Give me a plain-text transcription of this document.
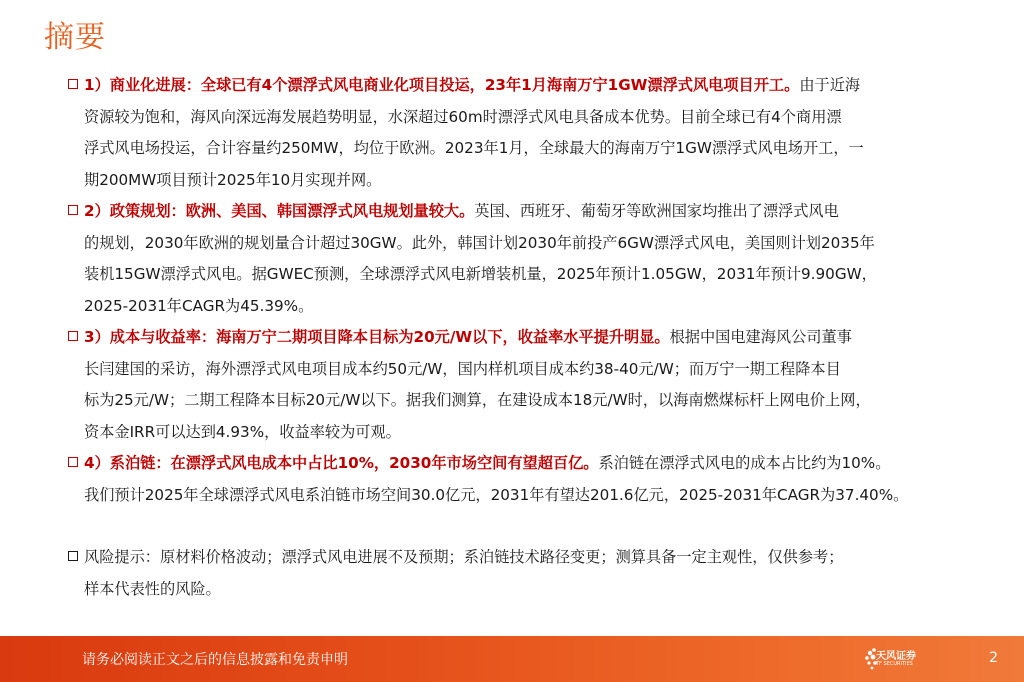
摘要

1）商业化进展：全球已有4个漂浮式风电商业化项目投运，23年1月海南万宁1GW漂浮式风电项目开工。由于近海
资源较为饱和，海风向深远海发展趋势明显，水深超过60m时漂浮式风电具备成本优势。目前全球已有4个商用漂
浮式风电场投运，合计容量约250MW，均位于欧洲。2023年1月，全球最大的海南万宁1GW漂浮式风电场开工，一
期200MW项目预计2025年10月实现并网。

2）政策规划：欧洲、美国、韩国漂浮式风电规划量较大。英国、西班牙、葡萄牙等欧洲国家均推出了漂浮式风电
的规划，2030年欧洲的规划量合计超过30GW。此外，韩国计划2030年前投产6GW漂浮式风电，美国则计划2035年
装机15GW漂浮式风电。据GWEC预测，全球漂浮式风电新增装机量，2025年预计1.05GW，2031年预计9.90GW，
2025-2031年CAGR为45.39%。

3）成本与收益率：海南万宁二期项目降本目标为20元/W以下，收益率水平提升明显。根据中国电建海风公司董事
长闫建国的采访，海外漂浮式风电项目成本约50元/W，国内样机项目成本约38-40元/W；而万宁一期工程降本目
标为25元/W；二期工程降本目标20元/W以下。据我们测算，在建设成本18元/W时，以海南燃煤标杆上网电价上网，
资本金IRR可以达到4.93%，收益率较为可观。

4）系泊链：在漂浮式风电成本中占比10%，2030年市场空间有望超百亿。系泊链在漂浮式风电的成本占比约为10%。
我们预计2025年全球漂浮式风电系泊链市场空间30.0亿元，2031年有望达201.6亿元，2025-2031年CAGR为37.40%。

风险提示：原材料价格波动；漂浮式风电进展不及预期；系泊链技术路径变更；测算具备一定主观性，仅供参考；
样本代表性的风险。

请务必阅读正文之后的信息披露和免责申明	天风证券
TF SECURITIES	2
